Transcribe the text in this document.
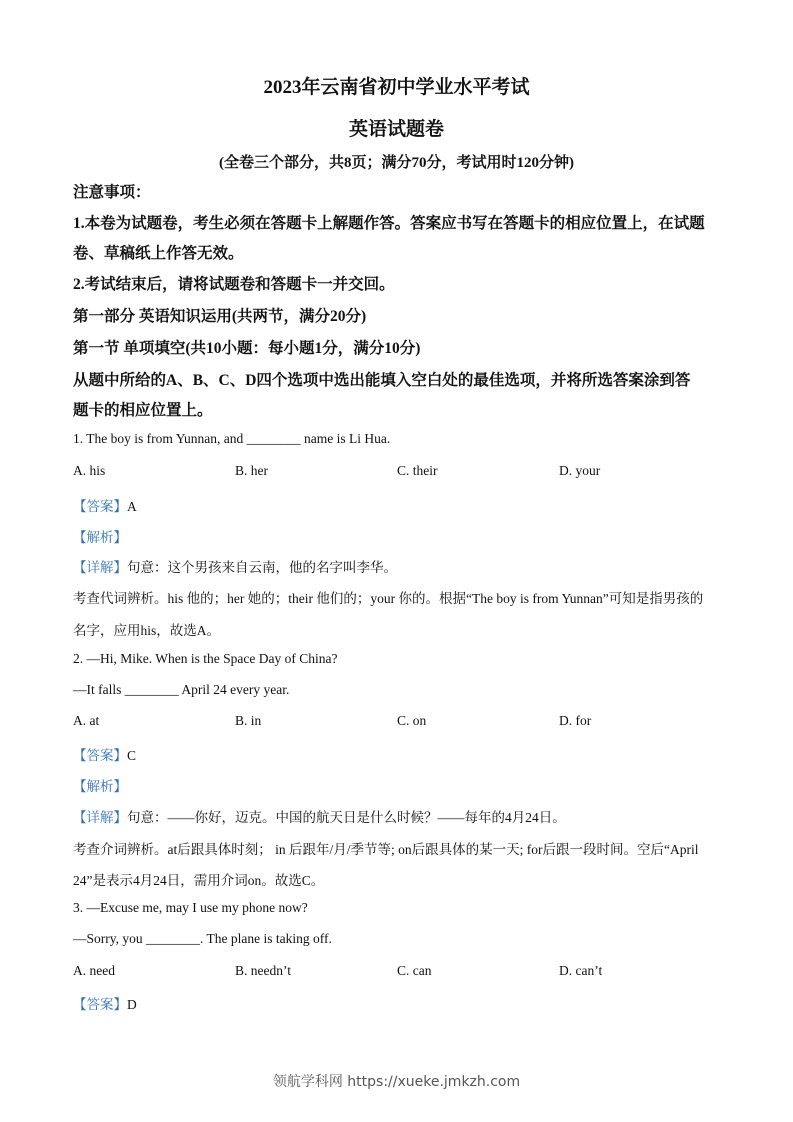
2023年云南省初中学业水平考试
英语试题卷
(全卷三个部分，共8页；满分70分，考试用时120分钟)
注意事项：
1.本卷为试题卷，考生必须在答题卡上解题作答。答案应书写在答题卡的相应位置上，在试题
卷、草稿纸上作答无效。
2.考试结束后，请将试题卷和答题卡一并交回。
第一部分 英语知识运用(共两节，满分20分)
第一节 单项填空(共10小题：每小题1分，满分10分)
从题中所给的A、B、C、D四个选项中选出能填入空白处的最佳选项，并将所选答案涂到答
题卡的相应位置上。
1. The boy is from Yunnan, and ________ name is Li Hua.
A. his	B. her	C. their	D. your
【答案】A
【解析】
【详解】句意：这个男孩来自云南，他的名字叫李华。
考查代词辨析。his 他的；her 她的；their 他们的；your 你的。根据“The boy is from Yunnan”可知是指男孩的
名字，应用his，故选A。
2. —Hi, Mike. When is the Space Day of China?
—It falls ________ April 24 every year.
A. at	B. in	C. on	D. for
【答案】C
【解析】
【详解】句意：——你好，迈克。中国的航天日是什么时候？——每年的4月24日。
考查介词辨析。at后跟具体时刻； in 后跟年/月/季节等; on后跟具体的某一天; for后跟一段时间。空后“April
24”是表示4月24日，需用介词on。故选C。
3. —Excuse me, may I use my phone now?
—Sorry, you ________. The plane is taking off.
A. need	B. needn’t	C. can	D. can’t
【答案】D
领航学科网 https://xueke.jmkzh.com
